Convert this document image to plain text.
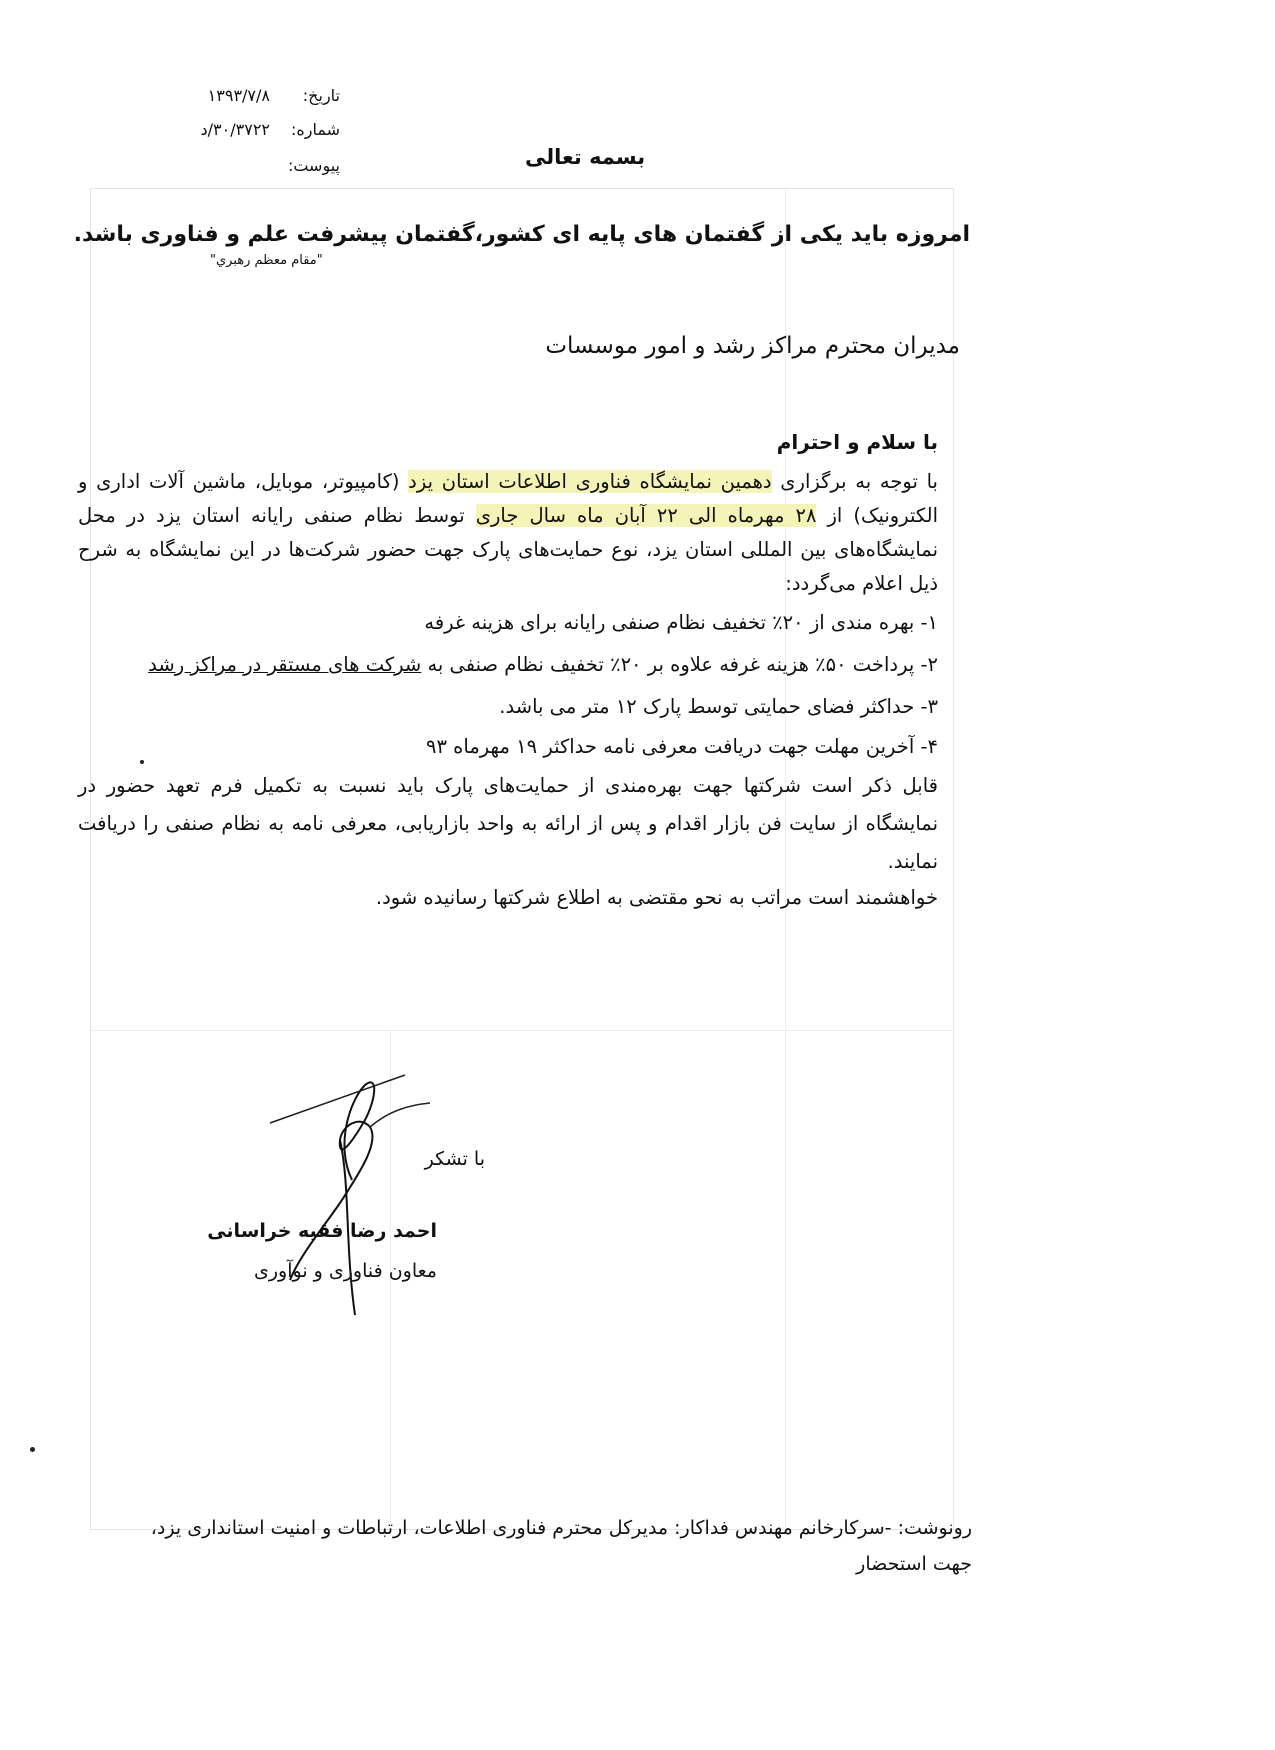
تاریخ:۱۳۹۳/۷/۸
شماره:۳۰/۳۷۲۲/د
پیوست:	بسمه تعالی
امروزه باید یکی از گفتمان های پایه ای کشور،گفتمان پیشرفت علم و فناوری باشد.
"مقام معظم رهبري"
مدیران محترم مراکز رشد و امور موسسات

با سلام و احترام

با توجه به برگزاری دهمین نمایشگاه فناوری اطلاعات استان یزد (کامپیوتر، موبایل، ماشین آلات اداری و الکترونیک) از ۲۸ مهرماه الی ۲۲ آبان ماه سال جاری توسط نظام صنفی رایانه استان یزد در محل نمایشگاه‌های بین المللی استان یزد، نوع حمایت‌های پارک جهت حضور شرکت‌ها در این نمایشگاه به شرح ذیل اعلام می‌گردد:

۱- بهره مندی از ۲۰٪ تخفیف نظام صنفی رایانه برای هزینه غرفه
۲- پرداخت ۵۰٪ هزینه غرفه علاوه بر ۲۰٪ تخفیف نظام صنفی به شرکت های مستقر در مراکز رشد
۳- حداکثر فضای حمایتی توسط پارک ۱۲ متر می باشد.
۴- آخرین مهلت جهت دریافت معرفی نامه حداکثر ۱۹ مهرماه ۹۳

قابل ذکر است شرکتها جهت بهره‌مندی از حمایت‌های پارک باید نسبت به تکمیل فرم تعهد حضور در نمایشگاه از سایت فن بازار اقدام و پس از ارائه به واحد بازاریابی، معرفی نامه به نظام صنفی را دریافت نمایند.

خواهشمند است مراتب به نحو مقتضی به اطلاع شرکتها رسانیده شود.

با تشکر
احمد رضا فقیه خراسانی
معاون فناوری و نوآوری
رونوشت: -سرکارخانم مهندس فداکار: مدیرکل محترم فناوری اطلاعات، ارتباطات و امنیت استانداری یزد،
جهت استحضار
